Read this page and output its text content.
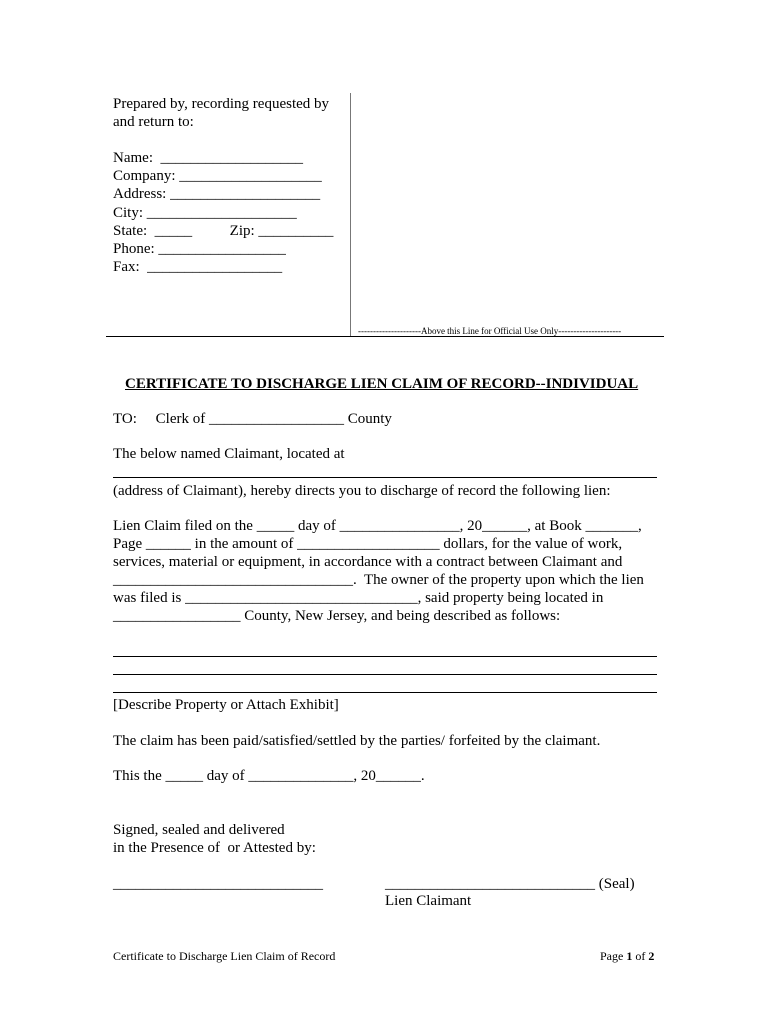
Prepared by, recording requested by
and return to:
Name:  ___________________
Company: ___________________
Address: ____________________
City: ____________________
State:  _____          Zip: __________
Phone: _________________
Fax:  __________________
---------------------Above this Line for Official Use Only---------------------
CERTIFICATE TO DISCHARGE LIEN CLAIM OF RECORD--INDIVIDUAL
TO:     Clerk of __________________ County
The below named Claimant, located at
(address of Claimant), hereby directs you to discharge of record the following lien:
Lien Claim filed on the _____ day of ________________, 20______, at Book _______,
Page ______ in the amount of ___________________ dollars, for the value of work,
services, material or equipment, in accordance with a contract between Claimant and
________________________________.  The owner of the property upon which the lien
was filed is _______________________________, said property being located in
_________________ County, New Jersey, and being described as follows:
[Describe Property or Attach Exhibit]
The claim has been paid/satisfied/settled by the parties/ forfeited by the claimant.
This the _____ day of ______________, 20______.
Signed, sealed and delivered
in the Presence of  or Attested by:
____________________________	____________________________ (Seal)
Lien Claimant
Certificate to Discharge Lien Claim of Record	Page 1 of 2
